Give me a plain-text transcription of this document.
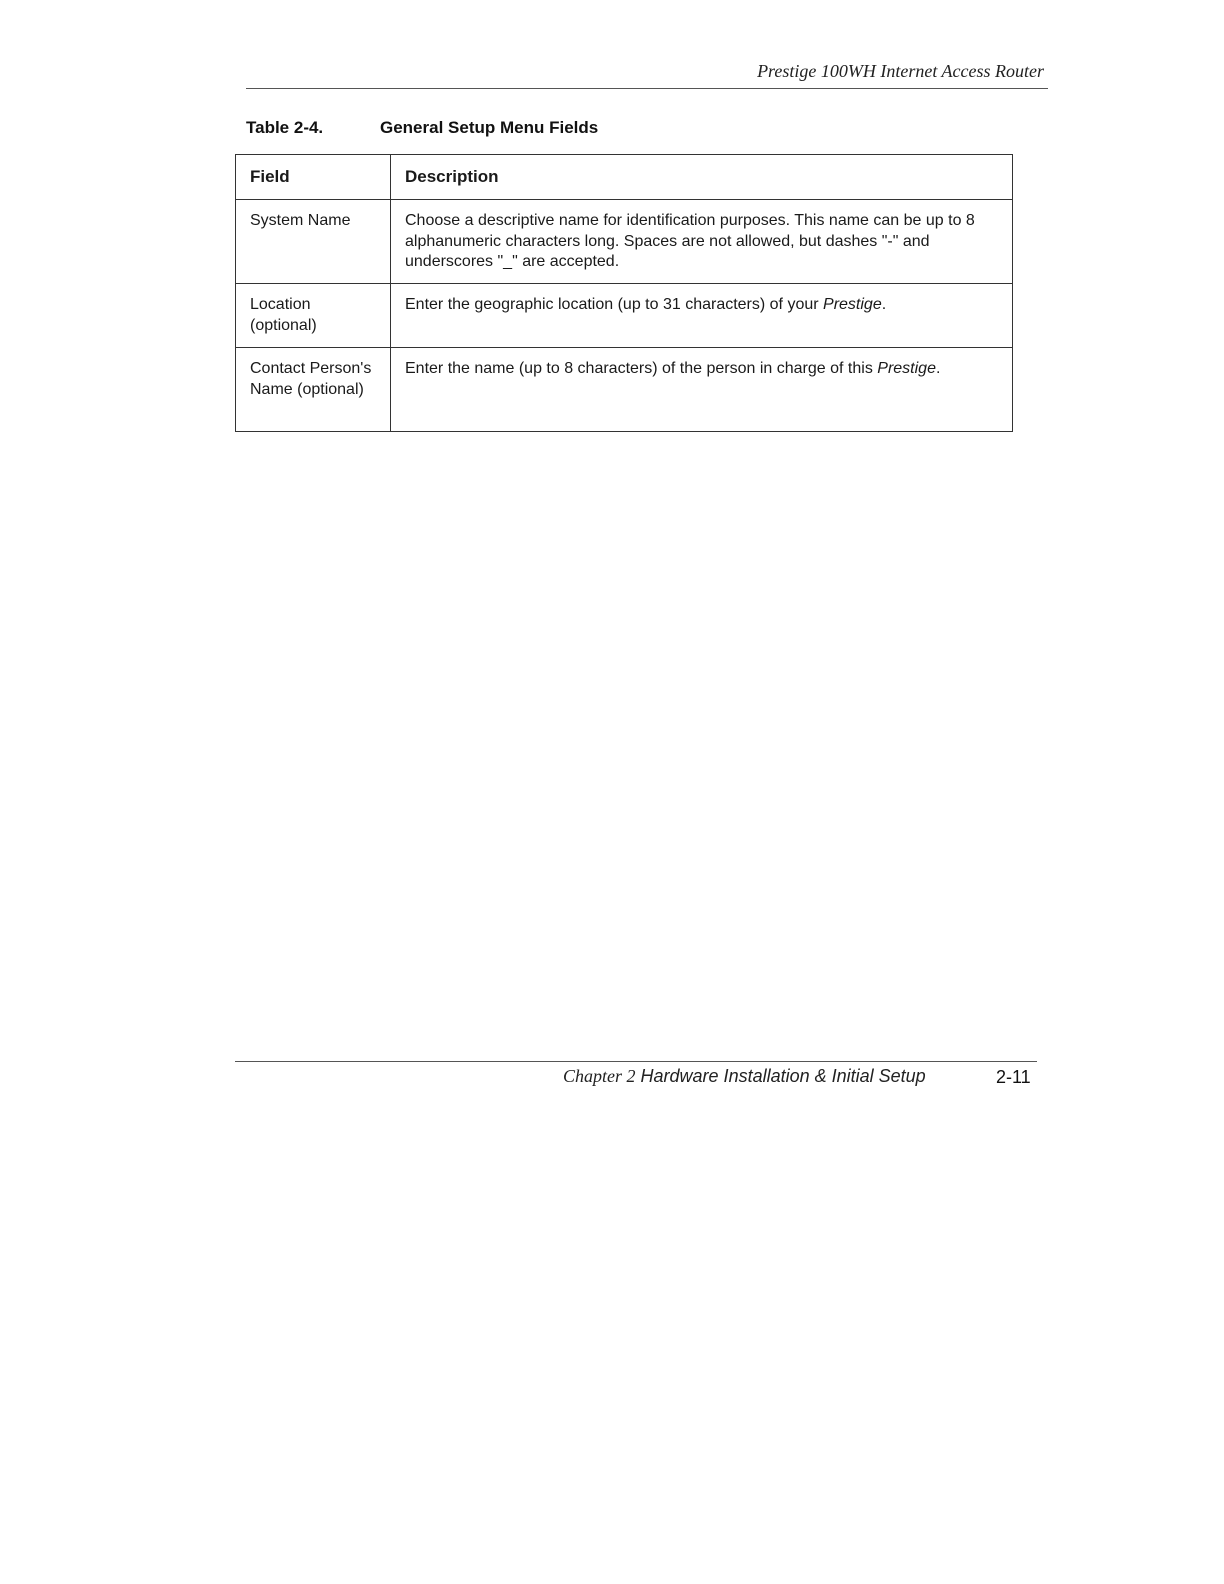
Prestige 100WH Internet Access Router
Table 2-4.	General Setup Menu Fields
Field	Description

System Name	Choose a descriptive name for identification purposes. This name can be up to 8 alphanumeric characters long. Spaces are not allowed, but dashes "-" and underscores "_" are accepted.

Location (optional)	Enter the geographic location (up to 31 characters) of your Prestige.

Contact Person's Name (optional)	Enter the name (up to 8 characters) of the person in charge of this Prestige.
Chapter 2 Hardware Installation & Initial Setup	2-11
